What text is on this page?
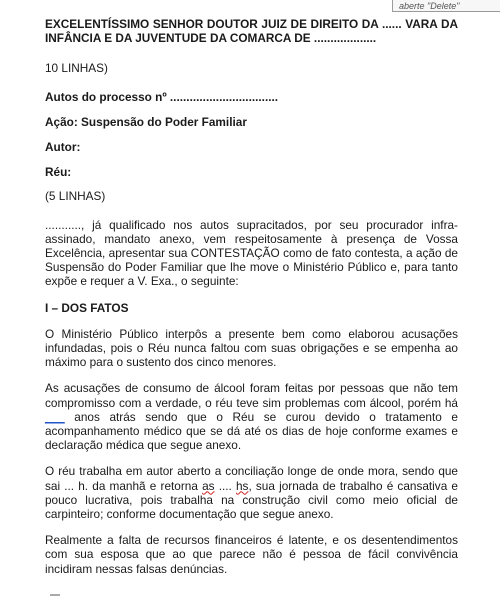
aberte "Delete"

EXCELENTÍSSIMO SENHOR DOUTOR JUIZ DE DIREITO DA ...... VARA DA INFÂNCIA E DA JUVENTUDE DA COMARCA DE ...................

10 LINHAS)

Autos do processo nº .................................

Ação: Suspensão do Poder Familiar

Autor:

Réu:

(5 LINHAS)

..........., já qualificado nos autos supracitados, por seu procurador infra-assinado, mandato anexo, vem respeitosamente à presença de Vossa Excelência, apresentar sua CONTESTAÇÃO como de fato contesta, a ação de Suspensão do Poder Familiar que lhe move o Ministério Público e, para tanto expõe e requer a V. Exa., o seguinte:

I – DOS FATOS

O Ministério Público interpôs a presente bem como elaborou acusações infundadas, pois o Réu nunca faltou com suas obrigações e se empenha ao máximo para o sustento dos cinco menores.

As acusações de consumo de álcool foram feitas por pessoas que não tem compromisso com a verdade, o réu teve sim problemas com álcool, porém há ___ anos atrás sendo que o Réu se curou devido o tratamento e acompanhamento médico que se dá até os dias de hoje conforme exames e declaração médica que segue anexo.

O réu trabalha em autor aberto a conciliação longe de onde mora, sendo que sai ... h. da manhã e retorna as .... hs, sua jornada de trabalho é cansativa e pouco lucrativa, pois trabalha na construção civil como meio oficial de carpinteiro; conforme documentação que segue anexo.

Realmente a falta de recursos financeiros é latente, e os desentendimentos com sua esposa que ao que parece não é pessoa de fácil convivência incidiram nessas falsas denúncias.
